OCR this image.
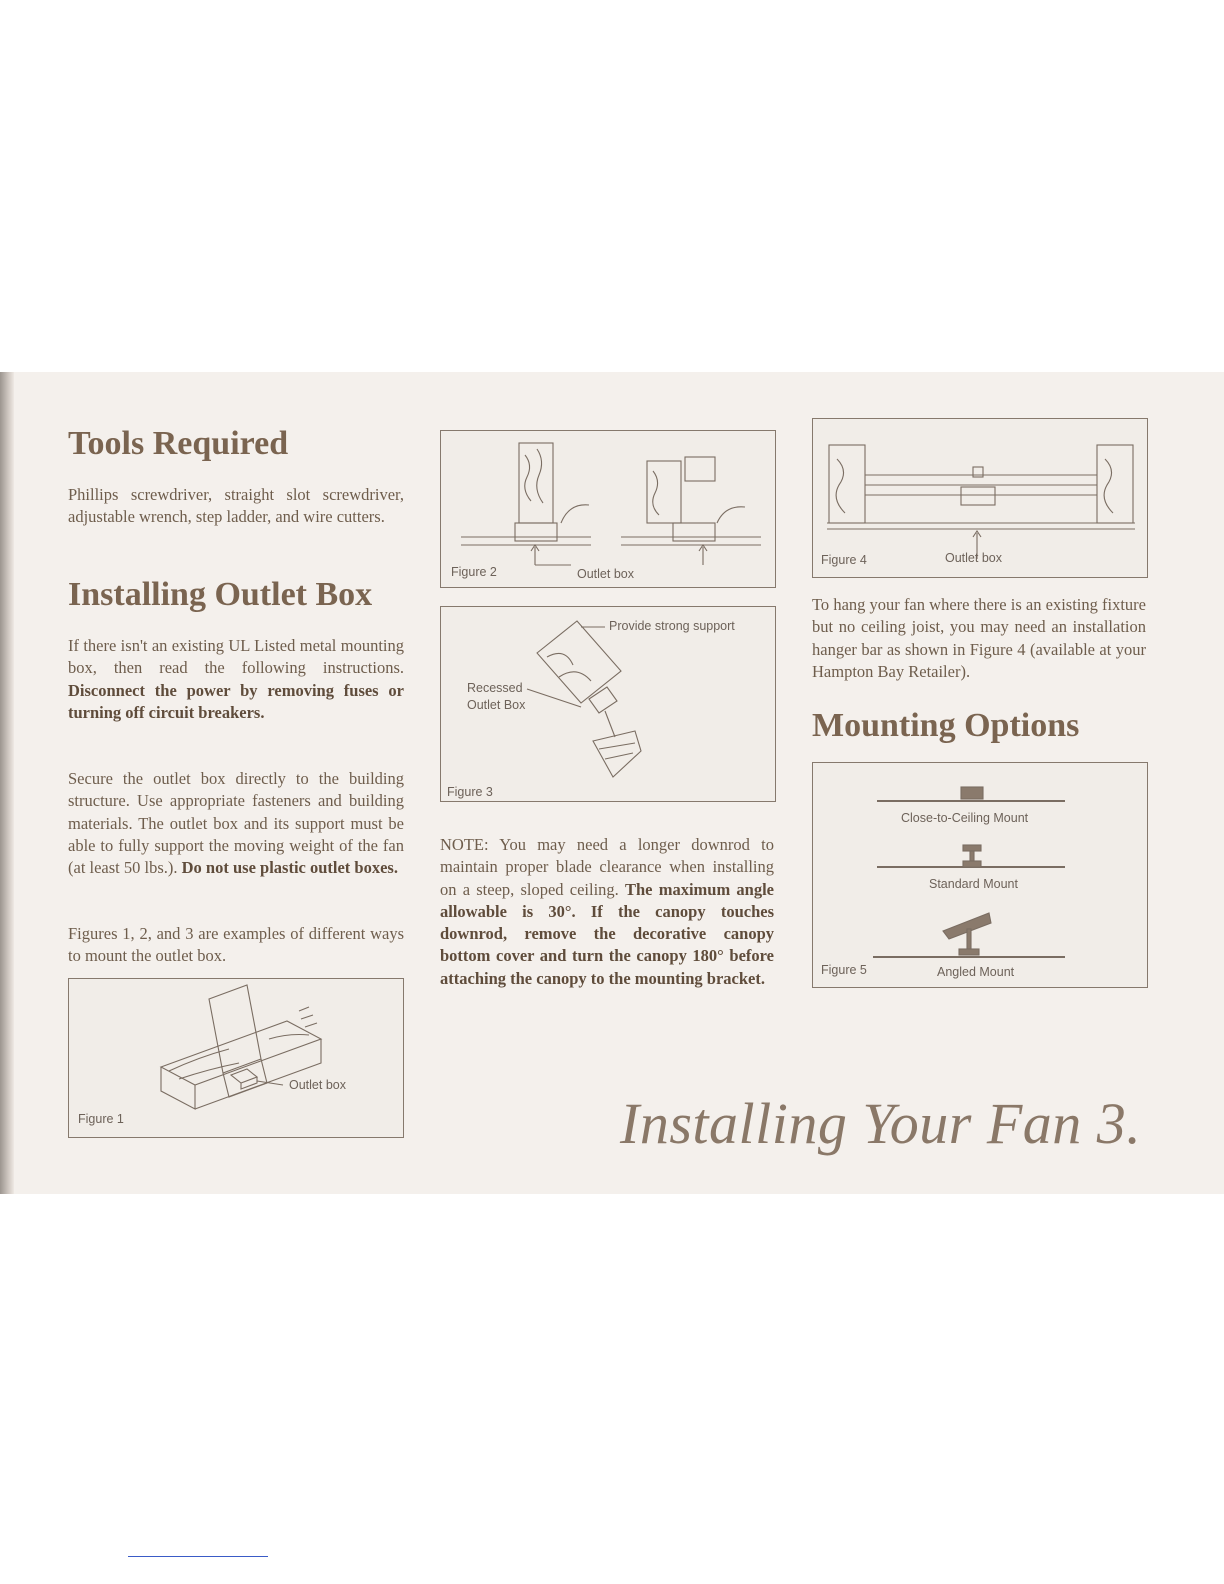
Tools Required

Phillips screwdriver, straight slot screwdriver, adjustable wrench, step ladder, and wire cutters.

Installing Outlet Box

If there isn't an existing UL Listed metal mounting box, then read the following instructions. Disconnect the power by removing fuses or turning off circuit breakers.

Secure the outlet box directly to the building structure. Use appropriate fasteners and building materials. The outlet box and its support must be able to fully support the moving weight of the fan (at least 50 lbs.). Do not use plastic outlet boxes.

Figures 1, 2, and 3 are examples of different ways to mount the outlet box.

Outlet box
Figure 1
Figure 2	Outlet box
Provide strong support
Recessed
Outlet Box
Figure 3

NOTE: You may need a longer downrod to maintain proper blade clearance when installing on a steep, sloped ceiling. The maximum angle allowable is 30°. If the canopy touches downrod, remove the decorative canopy bottom cover and turn the canopy 180° before attaching the canopy to the mounting bracket.

Figure 4	Outlet box

To hang your fan where there is an existing fixture but no ceiling joist, you may need an installation hanger bar as shown in Figure 4 (available at your Hampton Bay Retailer).

Mounting Options
Close-to-Ceiling Mount
Standard Mount
Figure 5	Angled Mount
Installing Your Fan 3.
